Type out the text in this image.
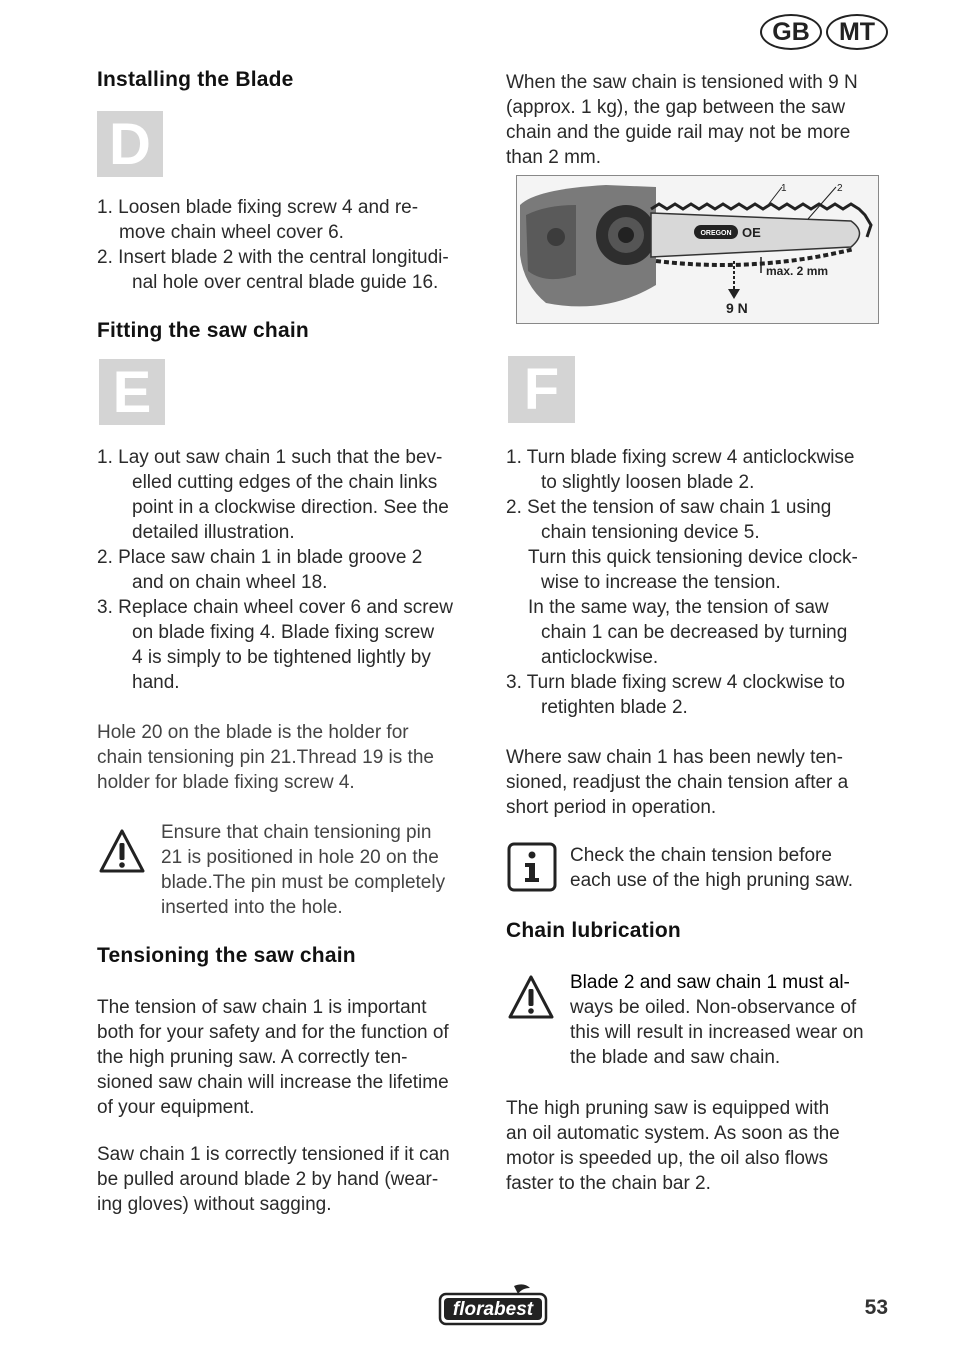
GB	MT
Installing the Blade
D
1. Loosen blade fixing screw 4 and re-
move chain wheel cover 6.
2. Insert blade 2 with the central longitudi-
nal hole over central blade guide 16.
Fitting the saw chain
E
1. Lay out saw chain 1 such that the bev-
elled cutting edges of the chain links
point in a clockwise direction. See the
detailed illustration.
2. Place saw chain 1 in blade groove 2
and on chain wheel 18.
3. Replace chain wheel cover 6 and screw
on blade fixing 4. Blade fixing screw
4 is simply to be tightened lightly by
hand.
Hole 20 on the blade is the holder for
chain tensioning pin 21.Thread 19 is the
holder for blade fixing screw 4.
Ensure that chain tensioning pin
21 is positioned in hole 20 on the
blade.The pin must be completely
inserted into the hole.
Tensioning the saw chain
The tension of saw chain 1 is important
both for your safety and for the function of
the high pruning saw. A correctly ten-
sioned saw chain will increase the lifetime
of your equipment.
Saw chain 1 is correctly tensioned if it can
be pulled around blade 2 by hand (wear-
ing gloves) without sagging.
When the saw chain is tensioned with 9 N
(approx. 1 kg), the gap between the saw
chain and the guide rail may not be more
than 2 mm.
OREGON OE
1	2
max. 2 mm
9 N
F
1. Turn blade fixing screw 4 anticlockwise
to slightly loosen blade 2.
2. Set the tension of saw chain 1 using
chain tensioning device 5.
Turn this quick tensioning device clock-
wise to increase the tension.
In the same way, the tension of saw
chain 1 can be decreased by turning
anticlockwise.
3. Turn blade fixing screw 4 clockwise to
retighten blade 2.
Where saw chain 1 has been newly ten-
sioned, readjust the chain tension after a
short period in operation.
Check the chain tension before
each use of the high pruning saw.
Chain lubrication
Blade 2 and saw chain 1 must al-
ways be oiled. Non-observance of
this will result in increased wear on
the blade and saw chain.
The high pruning saw is equipped with
an oil automatic system. As soon as the
motor is speeded up, the oil also flows
faster to the chain bar 2.
florabest	53
